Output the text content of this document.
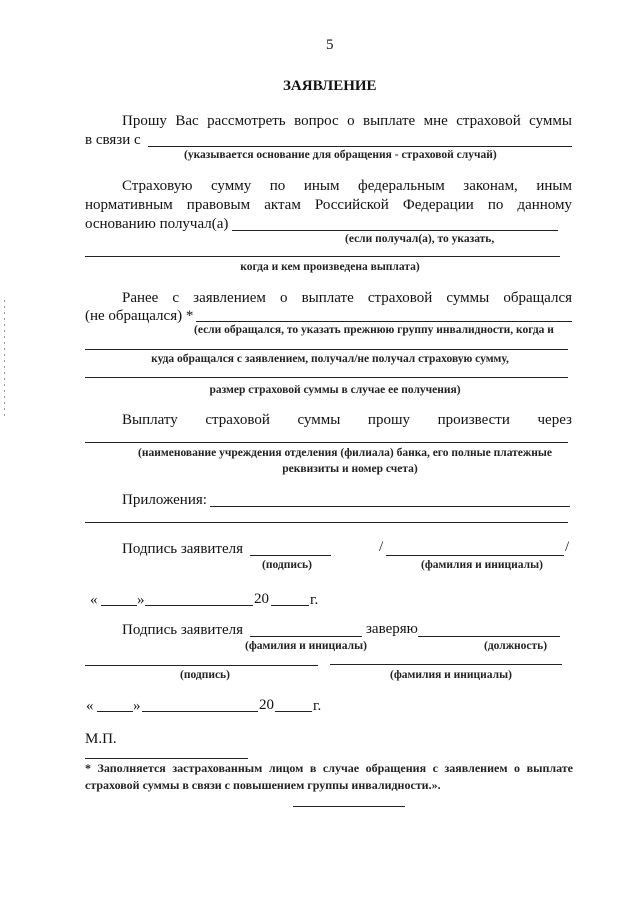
5
ЗАЯВЛЕНИЕ
Прошу Вас рассмотреть вопрос о выплате мне страховой суммы
в связи с
(указывается основание для обращения - страховой случай)
Страховую сумму по иным федеральным законам, иным
нормативным правовым актам Российской Федерации по данному
основанию получал(а)
(если получал(а), то указать,
когда и кем произведена выплата)
Ранее с заявлением о выплате страховой суммы обращался
(не обращался) *
(если обращался, то указать прежнюю группу инвалидности, когда и
куда обращался с заявлением, получал/не получал страховую сумму,
размер страховой суммы в случае ее получения)
Выплату страховой суммы прошу произвести через
(наименование учреждения отделения (филиала) банка, его полные платежные
реквизиты и номер счета)
Приложения:
Подпись заявителя	/	/
(подпись)	(фамилия и инициалы)
«	»	20	г.
Подпись заявителя	заверяю
(фамилия и инициалы)	(должность)
(подпись)	(фамилия и инициалы)
«	»	20	г.
М.П.
* Заполняется застрахованным лицом в случае обращения с заявлением о выплате страховой суммы в связи с повышением группы инвалидности.».
